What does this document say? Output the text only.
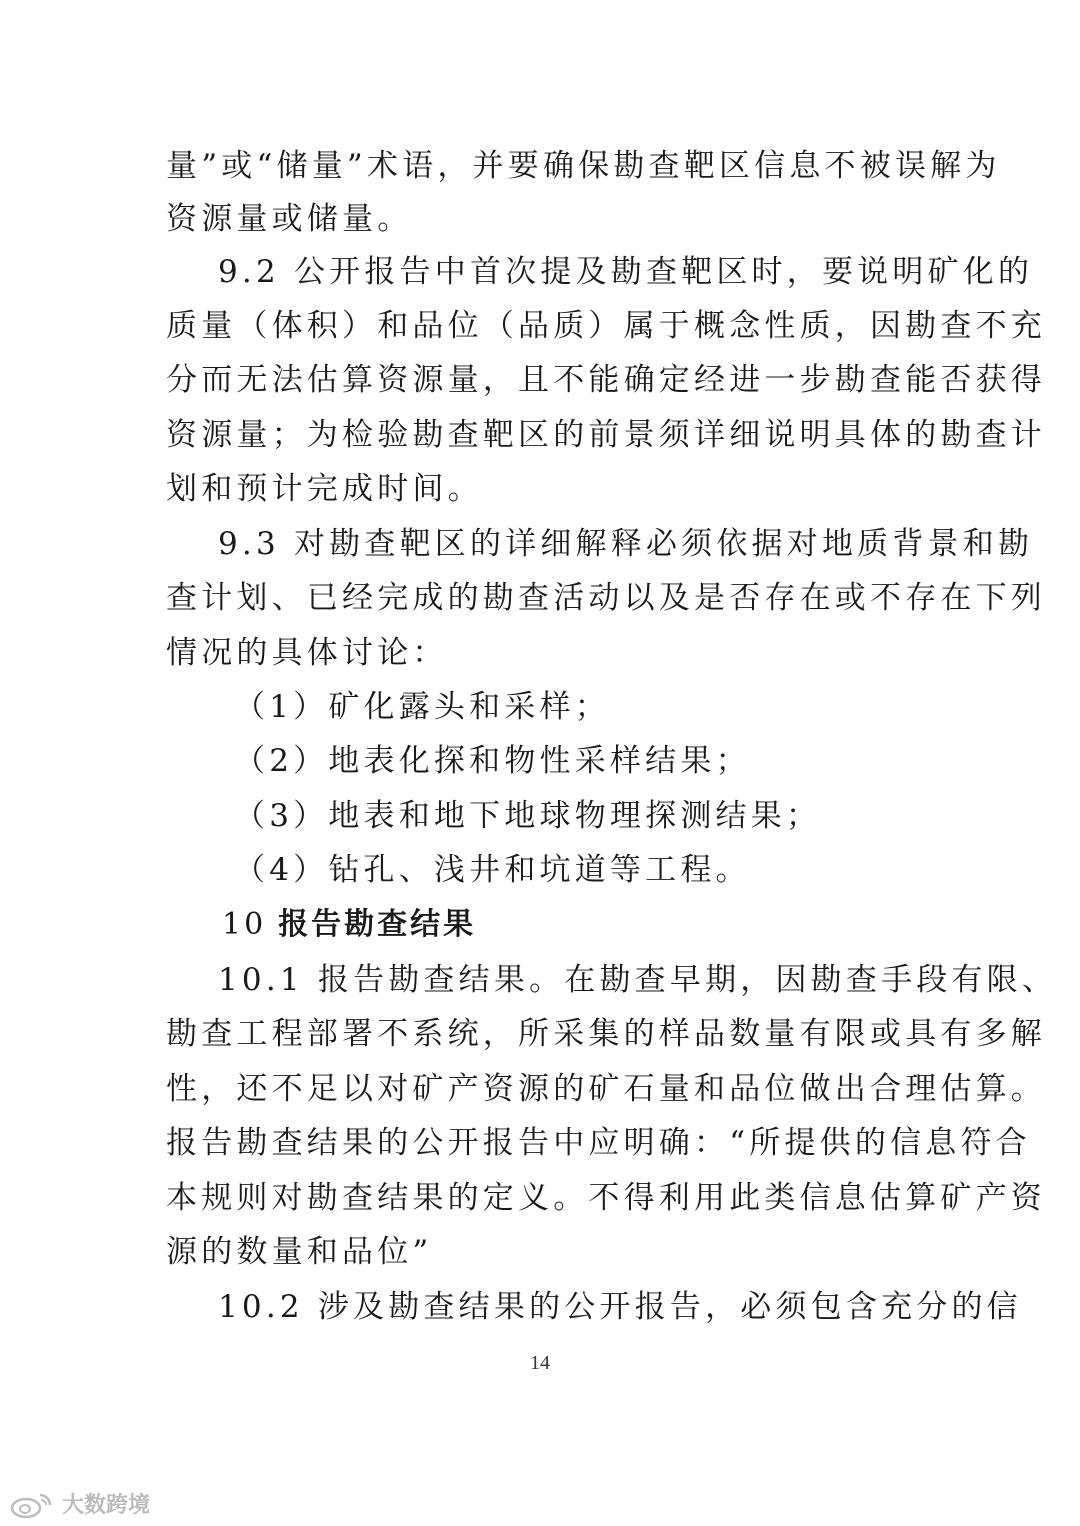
量”或“储量”术语，并要确保勘查靶区信息不被误解为
资源量或储量。
9.2 公开报告中首次提及勘查靶区时，要说明矿化的
质量（体积）和品位（品质）属于概念性质，因勘查不充
分而无法估算资源量，且不能确定经进一步勘查能否获得
资源量；为检验勘查靶区的前景须详细说明具体的勘查计
划和预计完成时间。
9.3 对勘查靶区的详细解释必须依据对地质背景和勘
查计划、已经完成的勘查活动以及是否存在或不存在下列
情况的具体讨论：
（1）矿化露头和采样；
（2）地表化探和物性采样结果；
（3）地表和地下地球物理探测结果；
（4）钻孔、浅井和坑道等工程。
10 报告勘查结果
10.1 报告勘查结果。在勘查早期，因勘查手段有限、
勘查工程部署不系统，所采集的样品数量有限或具有多解
性，还不足以对矿产资源的矿石量和品位做出合理估算。
报告勘查结果的公开报告中应明确：“所提供的信息符合
本规则对勘查结果的定义。不得利用此类信息估算矿产资
源的数量和品位”
10.2 涉及勘查结果的公开报告，必须包含充分的信
14
大数跨境
